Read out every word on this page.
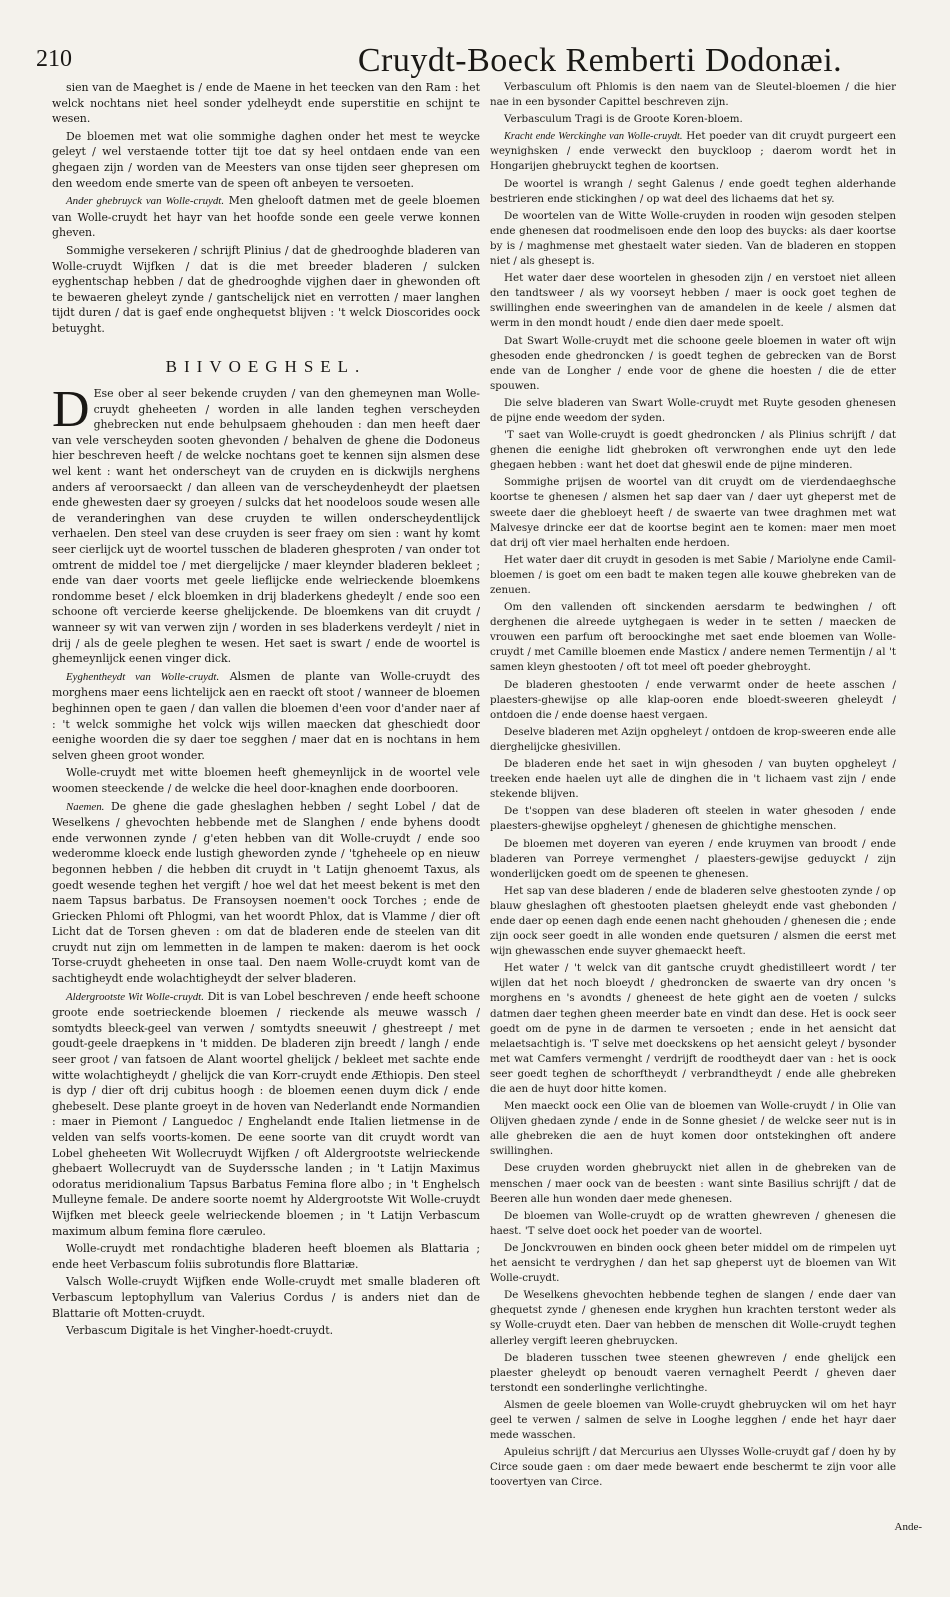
210	Cruydt-Boeck Remberti Dodonæi.

sien van de Maeghet is / ende de Maene in het teecken van den Ram : het welck nochtans niet heel sonder ydelheydt ende superstitie en schijnt te wesen.

De bloemen met wat olie sommighe daghen onder het mest te weycke geleyt / wel verstaende totter tijt toe dat sy heel ontdaen ende van een ghegaen zijn / worden van de Meesters van onse tijden seer ghepresen om den weedom ende smerte van de speen oft anbeyen te versoeten.

Ander ghebruyck van Wolle-cruydt. Men ghelooft datmen met de geele bloemen van Wolle-cruydt het hayr van het hoofde sonde een geele verwe konnen gheven.

Sommighe versekeren / schrijft Plinius / dat de ghedrooghde bladeren van Wolle-cruydt Wijfken / dat is die met breeder bladeren / sulcken eyghentschap hebben / dat de ghedrooghde vijghen daer in ghewonden oft te bewaeren gheleyt zynde / gantschelijck niet en verrotten / maer langhen tijdt duren / dat is gaef ende onghequetst blijven : 't welck Dioscorides oock betuyght.

BIIVOEGHSEL.
D Ese ober al seer bekende cruyden / van den ghemeynen man Wolle-cruydt gheheeten / worden in alle landen teghen verscheyden ghebrecken nut ende behulpsaem ghehouden : dan men heeft daer van vele verscheyden sooten ghevonden / behalven de ghene die Dodoneus hier beschreven heeft / de welcke nochtans goet te kennen sijn alsmen dese wel kent : want het onderscheyt van de cruyden en is dickwijls nerghens anders af veroorsaeckt / dan alleen van de verscheydenheydt der plaetsen ende ghewesten daer sy groeyen / sulcks dat het noodeloos soude wesen alle de veranderinghen van dese cruyden te willen onderscheydentlijck verhaelen. Den steel van dese cruyden is seer fraey om sien : want hy komt seer cierlijck uyt de woortel tusschen de bladeren ghesproten / van onder tot omtrent de middel toe / met diergelijcke / maer kleynder bladeren bekleet ; ende van daer voorts met geele lieflijcke ende welrieckende bloemkens rondomme beset / elck bloemken in drij bladerkens ghedeylt / ende soo een schoone oft vercierde keerse ghelijckende. De bloemkens van dit cruydt / wanneer sy wit van verwen zijn / worden in ses bladerkens verdeylt / niet in drij / als de geele pleghen te wesen. Het saet is swart / ende de woortel is ghemeynlijck eenen vinger dick.

Eyghentheydt van Wolle-cruydt. Alsmen de plante van Wolle-cruydt des morghens maer eens lichtelijck aen en raeckt oft stoot / wanneer de bloemen beghinnen open te gaen / dan vallen die bloemen d'een voor d'ander naer af : 't welck sommighe het volck wijs willen maecken dat gheschiedt door eenighe woorden die sy daer toe segghen / maer dat en is nochtans in hem selven gheen groot wonder.

Wolle-cruydt met witte bloemen heeft ghemeynlijck in de woortel vele woomen steeckende / de welcke die heel door-knaghen ende doorbooren.

Naemen. De ghene die gade gheslaghen hebben / seght Lobel / dat de Weselkens / ghevochten hebbende met de Slanghen / ende byhens doodt ende verwonnen zynde / g'eten hebben van dit Wolle-cruydt / ende soo wederomme kloeck ende lustigh gheworden zynde / 'tgheheele op en nieuw begonnen hebben / die hebben dit cruydt in 't Latijn ghenoemt Taxus, als goedt wesende teghen het vergift / hoe wel dat het meest bekent is met den naem Tapsus barbatus. De Fransoysen noemen't oock Torches ; ende de Griecken Phlomi oft Phlogmi, van het woordt Phlox, dat is Vlamme / dier oft Licht dat de Torsen gheven : om dat de bladeren ende de steelen van dit cruydt nut zijn om lemmetten in de lampen te maken: daerom is het oock Torse-cruydt gheheeten in onse taal. Den naem Wolle-cruydt komt van de sachtigheydt ende wolachtigheydt der selver bladeren.

Aldergrootste Wit Wolle-cruydt. Dit is van Lobel beschreven / ende heeft schoone groote ende soetrieckende bloemen / rieckende als meuwe wassch / somtydts bleeck-geel van verwen / somtydts sneeuwit / ghestreept / met goudt-geele draepkens in 't midden. De bladeren zijn breedt / langh / ende seer groot / van fatsoen de Alant woortel ghelijck / bekleet met sachte ende witte wolachtigheydt / ghelijck die van Korr-cruydt ende Æthiopis. Den steel is dyp / dier oft drij cubitus hoogh : de bloemen eenen duym dick / ende ghebeselt. Dese plante groeyt in de hoven van Nederlandt ende Normandien : maer in Piemont / Languedoc / Enghelandt ende Italien lietmense in de velden van selfs voorts-komen. De eene soorte van dit cruydt wordt van Lobel gheheeten Wit Wollecruydt Wijfken / oft Aldergrootste welrieckende ghebaert Wollecruydt van de Suyderssche landen ; in 't Latijn Maximus odoratus meridionalium Tapsus Barbatus Femina flore albo ; in 't Enghelsch Mulleyne female. De andere soorte noemt hy Aldergrootste Wit Wolle-cruydt Wijfken met bleeck geele welrieckende bloemen ; in 't Latijn Verbascum maximum album femina flore cæruleo.

Wolle-cruydt met rondachtighe bladeren heeft bloemen als Blattaria ; ende heet Verbascum foliis subrotundis flore Blattariæ.

Valsch Wolle-cruydt Wijfken ende Wolle-cruydt met smalle bladeren oft Verbascum leptophyllum van Valerius Cordus / is anders niet dan de Blattarie oft Motten-cruydt.

Verbascum Digitale is het Vingher-hoedt-cruydt.

Verbasculum oft Phlomis is den naem van de Sleutel-bloemen / die hier nae in een bysonder Capittel beschreven zijn.

Verbasculum Tragi is de Groote Koren-bloem.

Kracht ende Werckinghe van Wolle-cruydt. Het poeder van dit cruydt purgeert een weynighsken / ende verweckt den buyckloop ; daerom wordt het in Hongarijen ghebruyckt teghen de koortsen.

De woortel is wrangh / seght Galenus / ende goedt teghen alderhande bestrieren ende stickinghen / op wat deel des lichaems dat het sy.

De woortelen van de Witte Wolle-cruyden in rooden wijn gesoden stelpen ende ghenesen dat roodmelisoen ende den loop des buycks: als daer koortse by is / maghmense met ghestaelt water sieden. Van de bladeren en stoppen niet / als ghesept is.

Het water daer dese woortelen in ghesoden zijn / en verstoet niet alleen den tandtsweer / als wy voorseyt hebben / maer is oock goet teghen de swillinghen ende sweeringhen van de amandelen in de keele / alsmen dat werm in den mondt houdt / ende dien daer mede spoelt.

Dat Swart Wolle-cruydt met die schoone geele bloemen in water oft wijn ghesoden ende ghedroncken / is goedt teghen de gebrecken van de Borst ende van de Longher / ende voor de ghene die hoesten / die de etter spouwen.

Die selve bladeren van Swart Wolle-cruydt met Ruyte gesoden ghenesen de pijne ende weedom der syden.

'T saet van Wolle-cruydt is goedt ghedroncken / als Plinius schrijft / dat ghenen die eenighe lidt ghebroken oft verwronghen ende uyt den lede ghegaen hebben : want het doet dat gheswil ende de pijne minderen.

Sommighe prijsen de woortel van dit cruydt om de vierdendaeghsche koortse te ghenesen / alsmen het sap daer van / daer uyt gheperst met de sweete daer die ghebloeyt heeft / de swaerte van twee draghmen met wat Malvesye drincke eer dat de koortse begint aen te komen: maer men moet dat drij oft vier mael herhalten ende herdoen.

Het water daer dit cruydt in gesoden is met Sabie / Mariolyne ende Camil-bloemen / is goet om een badt te maken tegen alle kouwe ghebreken van de zenuen.

Om den vallenden oft sinckenden aersdarm te bedwinghen / oft derghenen die alreede uytghegaen is weder in te setten / maecken de vrouwen een parfum oft beroockinghe met saet ende bloemen van Wolle-cruydt / met Camille bloemen ende Masticx / andere nemen Termentijn / al 't samen kleyn ghestooten / oft tot meel oft poeder ghebroyght.

De bladeren ghestooten / ende verwarmt onder de heete asschen / plaesters-ghewijse op alle klap-ooren ende bloedt-sweeren gheleydt / ontdoen die / ende doense haest vergaen.

Deselve bladeren met Azijn opgheleyt / ontdoen de krop-sweeren ende alle dierghelijcke ghesivillen.

De bladeren ende het saet in wijn ghesoden / van buyten opgheleyt / treeken ende haelen uyt alle de dinghen die in 't lichaem vast zijn / ende stekende blijven.

De t'soppen van dese bladeren oft steelen in water ghesoden / ende plaesters-ghewijse opgheleyt / ghenesen de ghichtighe menschen.

De bloemen met doyeren van eyeren / ende kruymen van broodt / ende bladeren van Porreye vermenghet / plaesters-gewijse geduyckt / zijn wonderlijcken goedt om de speenen te ghenesen.

Het sap van dese bladeren / ende de bladeren selve ghestooten zynde / op blauw gheslaghen oft ghestooten plaetsen gheleydt ende vast ghebonden / ende daer op eenen dagh ende eenen nacht ghehouden / ghenesen die ; ende zijn oock seer goedt in alle wonden ende quetsuren / alsmen die eerst met wijn ghewasschen ende suyver ghemaeckt heeft.

Het water / 't welck van dit gantsche cruydt ghedistilleert wordt / ter wijlen dat het noch bloeydt / ghedroncken de swaerte van dry oncen 's morghens en 's avondts / gheneest de hete gight aen de voeten / sulcks datmen daer teghen gheen meerder bate en vindt dan dese. Het is oock seer goedt om de pyne in de darmen te versoeten ; ende in het aensicht dat melaetsachtigh is. 'T selve met doeckskens op het aensicht geleyt / bysonder met wat Camfers vermenght / verdrijft de roodtheydt daer van : het is oock seer goedt teghen de schorftheydt / verbrandtheydt / ende alle ghebreken die aen de huyt door hitte komen.

Men maeckt oock een Olie van de bloemen van Wolle-cruydt / in Olie van Olijven ghedaen zynde / ende in de Sonne ghesiet / de welcke seer nut is in alle ghebreken die aen de huyt komen door ontstekinghen oft andere swillinghen.

Dese cruyden worden ghebruyckt niet allen in de ghebreken van de menschen / maer oock van de beesten : want sinte Basilius schrijft / dat de Beeren alle hun wonden daer mede ghenesen.

De bloemen van Wolle-cruydt op de wratten ghewreven / ghenesen die haest. 'T selve doet oock het poeder van de woortel.

De Jonckvrouwen en binden oock gheen beter middel om de rimpelen uyt het aensicht te verdryghen / dan het sap gheperst uyt de bloemen van Wit Wolle-cruydt.

De Weselkens ghevochten hebbende teghen de slangen / ende daer van ghequetst zynde / ghenesen ende kryghen hun krachten terstont weder als sy Wolle-cruydt eten. Daer van hebben de menschen dit Wolle-cruydt teghen allerley vergift leeren ghebruycken.

De bladeren tusschen twee steenen ghewreven / ende ghelijck een plaester gheleydt op benoudt vaeren vernaghelt Peerdt / gheven daer terstondt een sonderlinghe verlichtinghe.

Alsmen de geele bloemen van Wolle-cruydt ghebruycken wil om het hayr geel te verwen / salmen de selve in Looghe legghen / ende het hayr daer mede wasschen.

Apuleius schrijft / dat Mercurius aen Ulysses Wolle-cruydt gaf / doen hy by Circe soude gaen : om daer mede bewaert ende beschermt te zijn voor alle toovertyen van Circe.

Ande-
